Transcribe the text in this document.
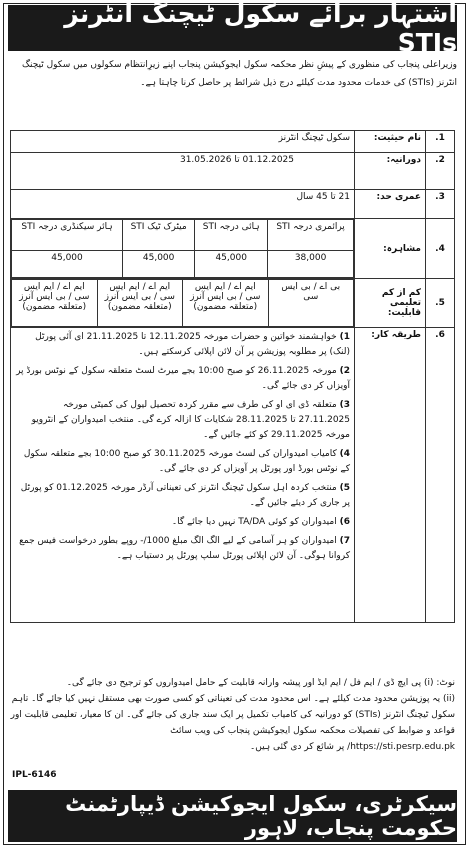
اشتہار برائے سکول ٹیچنگ انٹرنز STIs
وزیراعلی پنجاب کی منظوری کے پیشِ نظر محکمہ سکول ایجوکیشن پنجاب اپنے زیرِانتظام سکولوں میں سکول ٹیچنگ انٹرنز (STIs) کی خدمات محدود مدت کیلئے درج ذیل شرائط پر حاصل کرنا چاہتا ہے۔
1.	نام حیثیت:	سکول ٹیچنگ انٹرنز
2.	دورانیہ:	01.12.2025 تا 31.05.2026
3.	عمری حد:	21 تا 45 سال
4.	مشاہرہ:	
پرائمری درجہ STI	ہائی درجہ STI	میٹرک ٹیک STI	ہائر سیکنڈری درجہ STI
38,000	45,000	45,000	45,000

5.	کم از کم تعلیمی قابلیت:	
بی اے / بی ایس سی	ایم اے / ایم ایس سی / بی ایس آنرز (متعلقہ مضمون)	ایم اے / ایم ایس سی / بی ایس آنرز (متعلقہ مضمون)	ایم اے / ایم ایس سی / بی ایس آنرز (متعلقہ مضمون)

6.	طریقہ کار:	

1) خواہشمند خواتین و حضرات مورخہ 12.11.2025 تا 21.11.2025 ای آئی پورٹل (لنک) پر مطلوبہ پوزیشن پر آن لائن اپلائی کرسکتے ہیں۔

2) مورخہ 26.11.2025 کو صبح 10:00 بجے میرٹ لسٹ متعلقہ سکول کے نوٹس بورڈ پر آویزاں کر دی جائے گی۔

3) متعلقہ ڈی ای او کی طرف سے مقرر کردہ تحصیل لیول کی کمیٹی مورخہ 27.11.2025 تا 28.11.2025 شکایات کا ازالہ کرے گی۔ منتخب امیدواران کے انٹرویو مورخہ 29.11.2025 کو کئے جائیں گے۔

4) کامیاب امیدواران کی لسٹ مورخہ 30.11.2025 کو صبح 10:00 بجے متعلقہ سکول کے نوٹس بورڈ اور پورٹل پر آویزاں کر دی جائے گی۔

5) منتخب کردہ اہل سکول ٹیچنگ انٹرنز کی تعیناتی آرڈر مورخہ 01.12.2025 کو پورٹل پر جاری کر دیئے جائیں گے۔

6) امیدواران کو کوئی TA/DA نہیں دیا جائے گا۔

7) امیدواران کو ہر آسامی کے لیے الگ الگ مبلغ 1000/- روپے بطور درخواست فیس جمع کروانا ہوگی۔ آن لائن اپلائی پورٹل سلپ پورٹل پر دستیاب ہے۔

نوٹ: (i) پی ایچ ڈی / ایم فل / ایم ایڈ اور پیشہ وارانہ قابلیت کے حامل امیدواروں کو ترجیح دی جائے گی۔

(ii) یہ پوزیشن محدود مدت کیلئے ہے۔ اس محدود مدت کی تعیناتی کو کسی صورت بھی مستقل نہیں کیا جائے گا۔ تاہم سکول ٹیچنگ انٹرنز (STIs) کو دورانیہ کی کامیاب تکمیل پر ایک سند جاری کی جائے گی۔ ان کا معیار، تعلیمی قابلیت اور قواعد و ضوابط کی تفصیلات محکمہ سکول ایجوکیشن پنجاب کی ویب سائٹ

https://sti.pesrp.edu.pk/ پر شائع کر دی گئی ہیں۔

IPL-6146
سیکرٹری، سکول ایجوکیشن ڈیپارٹمنٹ حکومت پنجاب، لاہور
